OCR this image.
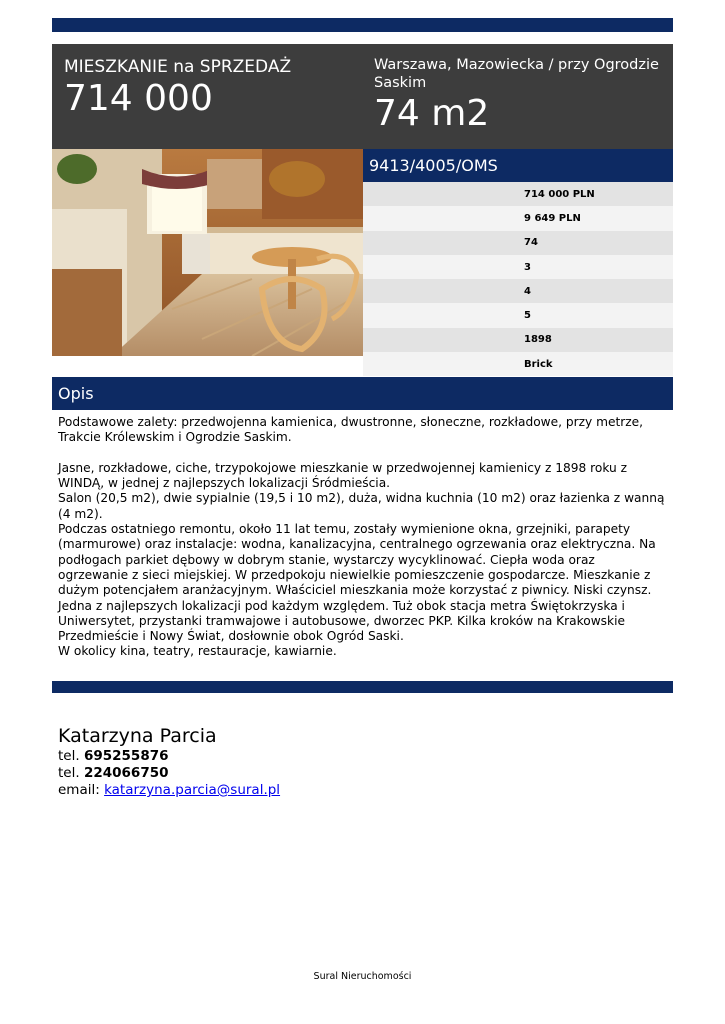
MIESZKANIE na SPRZEDAŻ
714 000
Warszawa, Mazowiecka / przy Ogrodzie Saskim
74 m2
9413/4005/OMS
714 000 PLN
9 649 PLN
74
3
4
5
1898
Brick
Opis

Podstawowe zalety: przedwojenna kamienica, dwustronne, słoneczne, rozkładowe, przy metrze, Trakcie Królewskim i Ogrodzie Saskim.

Jasne, rozkładowe, ciche, trzypokojowe mieszkanie w przedwojennej kamienicy z 1898 roku z WINDĄ, w jednej z najlepszych lokalizacji Śródmieścia.

Salon (20,5 m2), dwie sypialnie (19,5 i 10 m2), duża, widna kuchnia (10 m2) oraz łazienka z wanną (4 m2).

Podczas ostatniego remontu, około 11 lat temu, zostały wymienione okna, grzejniki, parapety (marmurowe) oraz instalacje: wodna, kanalizacyjna, centralnego ogrzewania oraz elektryczna. Na podłogach parkiet dębowy w dobrym stanie, wystarczy wycyklinować. Ciepła woda oraz ogrzewanie z sieci miejskiej. W przedpokoju niewielkie pomieszczenie gospodarcze. Mieszkanie z dużym potencjałem aranżacyjnym. Właściciel mieszkania może korzystać z piwnicy. Niski czynsz. Jedna z najlepszych lokalizacji pod każdym względem. Tuż obok stacja metra Świętokrzyska i Uniwersytet, przystanki tramwajowe i autobusowe, dworzec PKP. Kilka kroków na Krakowskie Przedmieście i Nowy Świat, dosłownie obok Ogród Saski.

W okolicy kina, teatry, restauracje, kawiarnie.

Katarzyna Parcia
tel. 695255876
tel. 224066750
email: katarzyna.parcia@sural.pl
Sural Nieruchomości
